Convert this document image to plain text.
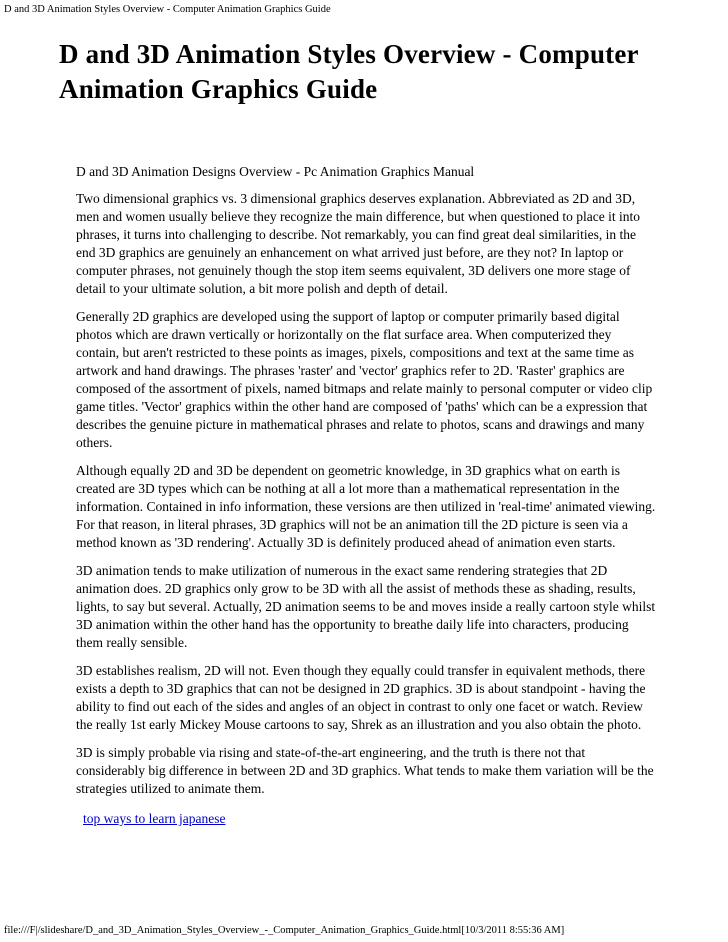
D and 3D Animation Styles Overview - Computer Animation Graphics Guide
D and 3D Animation Styles Overview - Computer Animation Graphics Guide

D and 3D Animation Designs Overview - Pc Animation Graphics Manual

Two dimensional graphics vs. 3 dimensional graphics deserves explanation. Abbreviated as 2D and 3D, men and women usually believe they recognize the main difference, but when questioned to place it into phrases, it turns into challenging to describe. Not remarkably, you can find great deal similarities, in the end 3D graphics are genuinely an enhancement on what arrived just before, are they not? In laptop or computer phrases, not genuinely though the stop item seems equivalent, 3D delivers one more stage of detail to your ultimate solution, a bit more polish and depth of detail.

Generally 2D graphics are developed using the support of laptop or computer primarily based digital photos which are drawn vertically or horizontally on the flat surface area. When computerized they contain, but aren't restricted to these points as images, pixels, compositions and text at the same time as artwork and hand drawings. The phrases 'raster' and 'vector' graphics refer to 2D. 'Raster' graphics are composed of the assortment of pixels, named bitmaps and relate mainly to personal computer or video clip game titles. 'Vector' graphics within the other hand are composed of 'paths' which can be a expression that describes the genuine picture in mathematical phrases and relate to photos, scans and drawings and many others.

Although equally 2D and 3D be dependent on geometric knowledge, in 3D graphics what on earth is created are 3D types which can be nothing at all a lot more than a mathematical representation in the information. Contained in info information, these versions are then utilized in 'real-time' animated viewing. For that reason, in literal phrases, 3D graphics will not be an animation till the 2D picture is seen via a method known as '3D rendering'. Actually 3D is definitely produced ahead of animation even starts.

3D animation tends to make utilization of numerous in the exact same rendering strategies that 2D animation does. 2D graphics only grow to be 3D with all the assist of methods these as shading, results, lights, to say but several. Actually, 2D animation seems to be and moves inside a really cartoon style whilst 3D animation within the other hand has the opportunity to breathe daily life into characters, producing them really sensible.

3D establishes realism, 2D will not. Even though they equally could transfer in equivalent methods, there exists a depth to 3D graphics that can not be designed in 2D graphics. 3D is about standpoint - having the ability to find out each of the sides and angles of an object in contrast to only one facet or watch. Review the really 1st early Mickey Mouse cartoons to say, Shrek as an illustration and you also obtain the photo.

3D is simply probable via rising and state-of-the-art engineering, and the truth is there not that considerably big difference in between 2D and 3D graphics. What tends to make them variation will be the strategies utilized to animate them.

top ways to learn japanese
file:///F|/slideshare/D_and_3D_Animation_Styles_Overview_-_Computer_Animation_Graphics_Guide.html[10/3/2011 8:55:36 AM]
